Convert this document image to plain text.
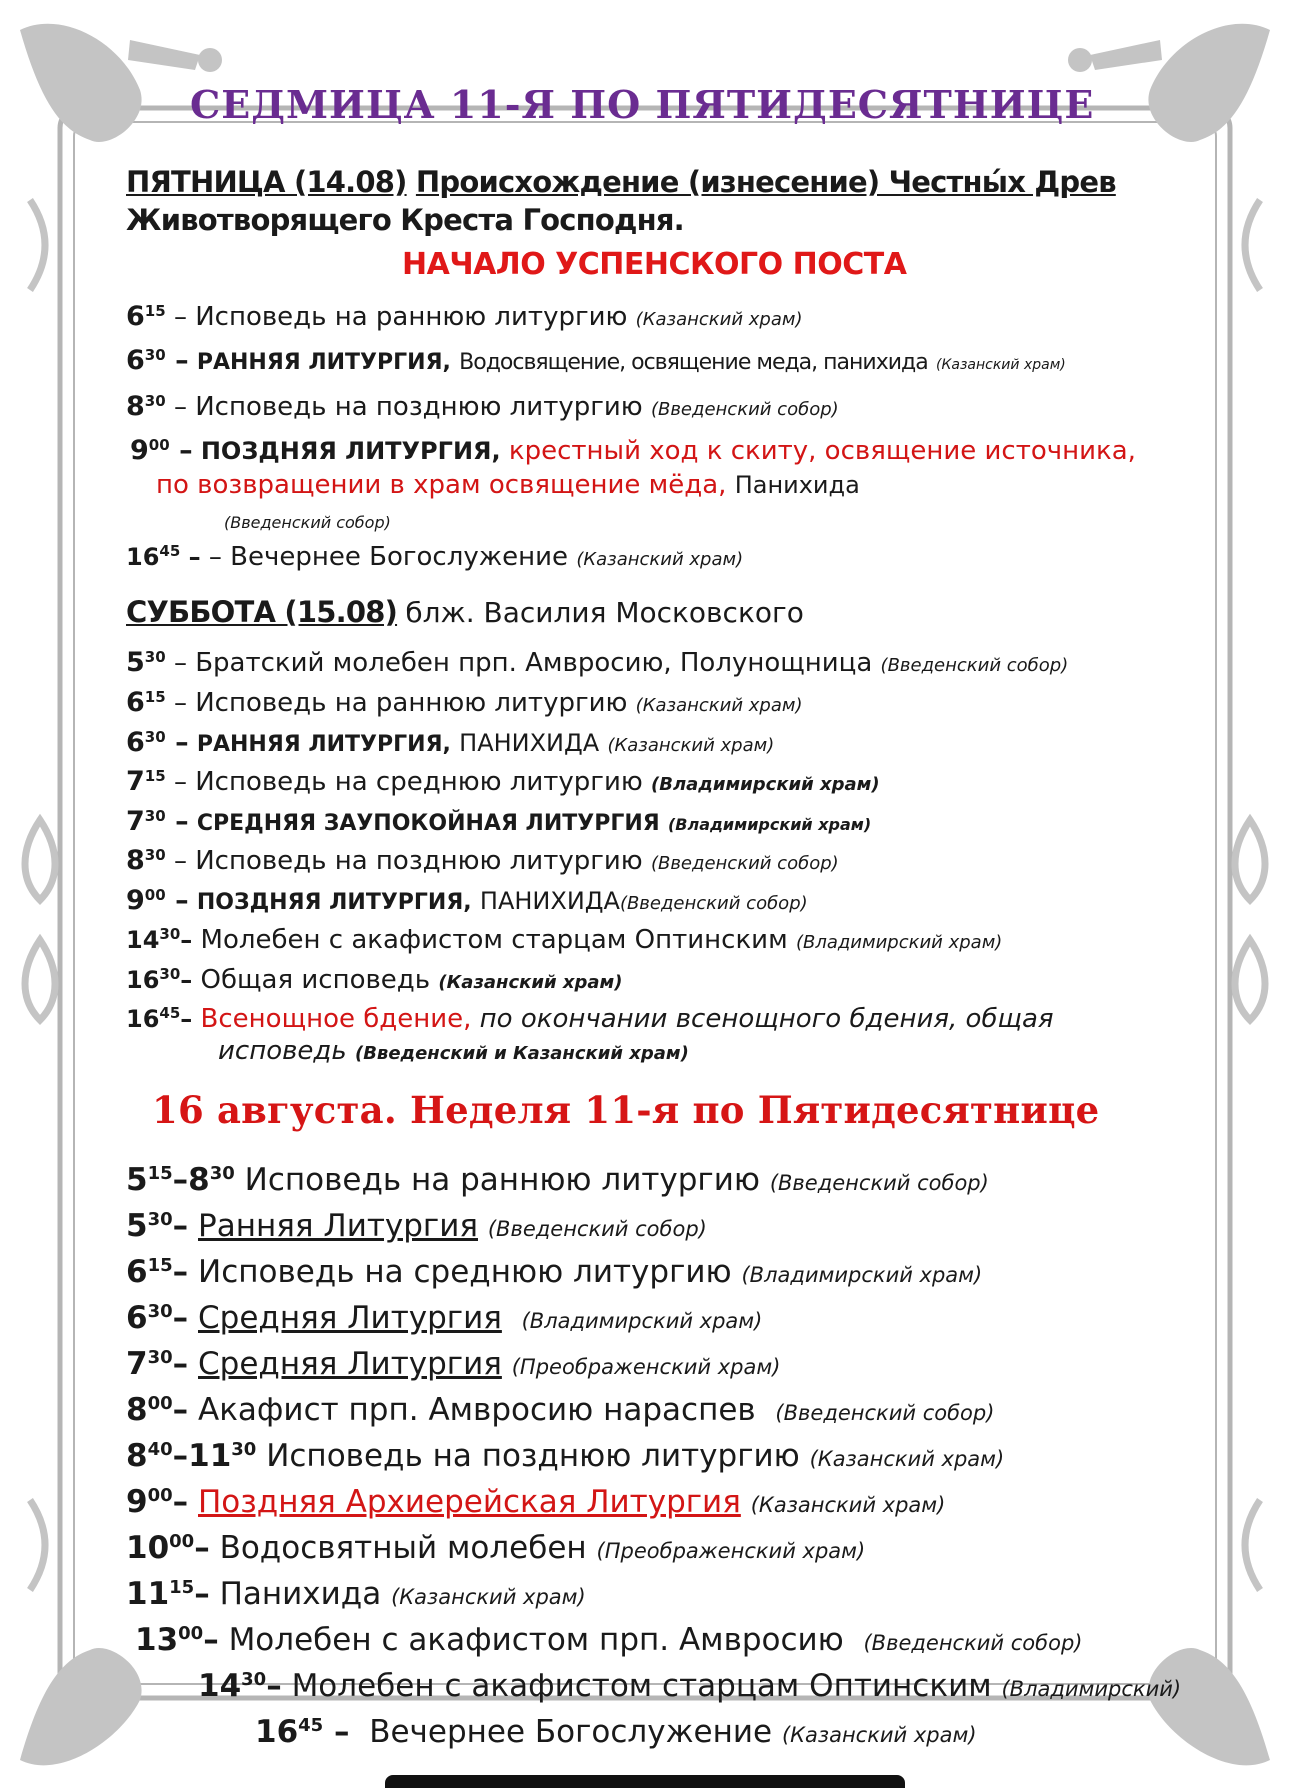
СЕДМИЦА 11-Я ПО ПЯТИДЕСЯТНИЦЕ
ПЯТНИЦА (14.08) Происхождение (изнесение) Честны́х Древ
Животворящего Креста Господня.
НАЧАЛО УСПЕНСКОГО ПОСТА
$6^{15}$ – Исповедь на раннюю литургию (Казанский храм)
$6^{30}$ – РАННЯЯ ЛИТУРГИЯ, Водосвящение, освящение меда, панихида (Казанский храм)
$8^{30}$ – Исповедь на позднюю литургию (Введенский собор)
$9^{00}$ – ПОЗДНЯЯ ЛИТУРГИЯ, крестный ход к скиту, освящение источника,
по возвращении в храм освящение мёда, Панихида
(Введенский собор)
$16^{45}$ – – Вечернее Богослужение (Казанский храм)
СУББОТА (15.08) блж. Василия Московского
$5^{30}$ – Братский молебен прп. Амвросию, Полунощница (Введенский собор)
$6^{15}$ – Исповедь на раннюю литургию (Казанский храм)
$6^{30}$ – РАННЯЯ ЛИТУРГИЯ, ПАНИХИДА (Казанский храм)
$7^{15}$ – Исповедь на среднюю литургию (Владимирский храм)
$7^{30}$ – СРЕДНЯЯ ЗАУПОКОЙНАЯ ЛИТУРГИЯ (Владимирский храм)
$8^{30}$ – Исповедь на позднюю литургию (Введенский собор)
$9^{00}$ – ПОЗДНЯЯ ЛИТУРГИЯ, ПАНИХИДА(Введенский собор)
$14^{30}-$ Молебен с акафистом старцам Оптинским (Владимирский храм)
$16^{30}-$ Общая исповедь (Казанский храм)
$16^{45}-$ Всенощное бдение, по окончании всенощного бдения, общая
исповедь (Введенский и Казанский храм)
16 августа. Неделя 11-я по Пятидесятнице
$5^{15}-8^{30}$ Исповедь на раннюю литургию (Введенский собор)
$5^{30}-$ Ранняя Литургия (Введенский собор)
$6^{15}-$ Исповедь на среднюю литургию (Владимирский храм)
$6^{30}-$ Средняя Литургия (Владимирский храм)
$7^{30}-$ Средняя Литургия (Преображенский храм)
$8^{00}-$ Акафист прп. Амвросию нараспев (Введенский собор)
$8^{40}-11^{30}$ Исповедь на позднюю литургию (Казанский храм)
$9^{00}-$ Поздняя Архиерейская Литургия (Казанский храм)
$10^{00}-$ Водосвятный молебен (Преображенский храм)
$11^{15}-$ Панихида (Казанский храм)
$13^{00}-$ Молебен с акафистом прп. Амвросию (Введенский собор)
$14^{30}-$ Молебен с акафистом старцам Оптинским (Владимирский)
$16^{45}$ – Вечернее Богослужение (Казанский храм)
